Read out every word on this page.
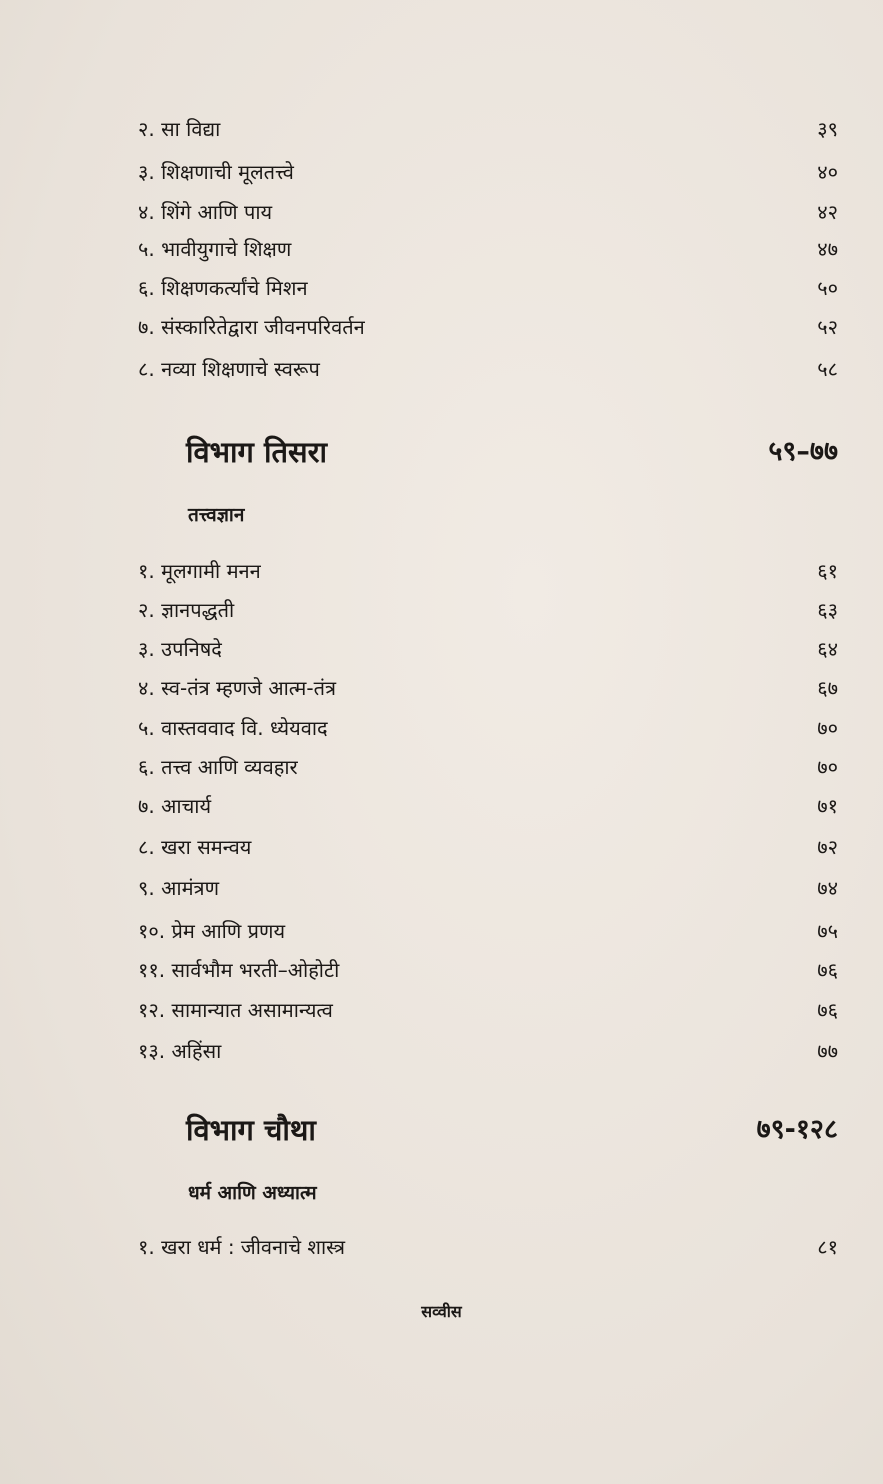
२. सा विद्या	३९
३. शिक्षणाची मूलतत्त्वे	४०
४. शिंगे आणि पाय	४२
५. भावीयुगाचे शिक्षण	४७
६. शिक्षणकर्त्यांचे मिशन	५०
७. संस्कारितेद्वारा जीवनपरिवर्तन	५२
८. नव्या शिक्षणाचे स्वरूप	५८
विभाग तिसरा	५९–७७
तत्त्वज्ञान
१. मूलगामी मनन	६१
२. ज्ञानपद्धती	६३
३. उपनिषदे	६४
४. स्व-तंत्र म्हणजे आत्म-तंत्र	६७
५. वास्तववाद वि. ध्येयवाद	७०
६. तत्त्व आणि व्यवहार	७०
७. आचार्य	७१
८. खरा समन्वय	७२
९. आमंत्रण	७४
१०. प्रेम आणि प्रणय	७५
११. सार्वभौम भरती–ओहोटी	७६
१२. सामान्यात असामान्यत्व	७६
१३. अहिंसा	७७
विभाग चौथा	७९-१२८
धर्म आणि अध्यात्म
१. खरा धर्म : जीवनाचे शास्त्र	८१
सव्वीस
